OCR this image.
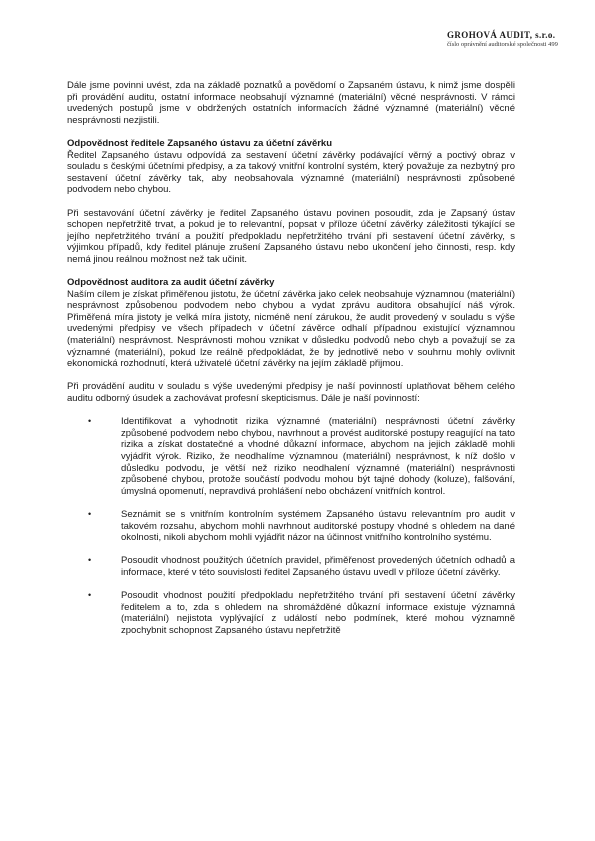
GROHOVÁ AUDIT, s.r.o.
číslo oprávnění auditorské společnosti 499

Dále jsme povinni uvést, zda na základě poznatků a povědomí o Zapsaném ústavu, k nimž jsme dospěli při provádění auditu, ostatní informace neobsahují významné (materiální) věcné nesprávnosti. V rámci uvedených postupů jsme v obdržených ostatních informacích žádné významné (materiální) věcné nesprávnosti nezjistili.

Odpovědnost ředitele Zapsaného ústavu za účetní závěrku

Ředitel Zapsaného ústavu odpovídá za sestavení účetní závěrky podávající věrný a poctivý obraz v souladu s českými účetními předpisy, a za takový vnitřní kontrolní systém, který považuje za nezbytný pro sestavení účetní závěrky tak, aby neobsahovala významné (materiální) nesprávnosti způsobené podvodem nebo chybou.

Při sestavování účetní závěrky je ředitel Zapsaného ústavu povinen posoudit, zda je Zapsaný ústav schopen nepřetržitě trvat, a pokud je to relevantní, popsat v příloze účetní závěrky záležitosti týkající se jejího nepřetržitého trvání a použití předpokladu nepřetržitého trvání při sestavení účetní závěrky, s výjimkou případů, kdy ředitel plánuje zrušení Zapsaného ústavu nebo ukončení jeho činnosti, resp. kdy nemá jinou reálnou možnost než tak učinit.

Odpovědnost auditora za audit účetní závěrky

Naším cílem je získat přiměřenou jistotu, že účetní závěrka jako celek neobsahuje významnou (materiální) nesprávnost způsobenou podvodem nebo chybou a vydat zprávu auditora obsahující náš výrok. Přiměřená míra jistoty je velká míra jistoty, nicméně není zárukou, že audit provedený v souladu s výše uvedenými předpisy ve všech případech v účetní závěrce odhalí případnou existující významnou (materiální) nesprávnost. Nesprávnosti mohou vznikat v důsledku podvodů nebo chyb a považují se za významné (materiální), pokud lze reálně předpokládat, že by jednotlivě nebo v souhrnu mohly ovlivnit ekonomická rozhodnutí, která uživatelé účetní závěrky na jejím základě přijmou.

Při provádění auditu v souladu s výše uvedenými předpisy je naší povinností uplatňovat během celého auditu odborný úsudek a zachovávat profesní skepticismus. Dále je naší povinností:

•	Identifikovat a vyhodnotit rizika významné (materiální) nesprávnosti účetní závěrky způsobené podvodem nebo chybou, navrhnout a provést auditorské postupy reagující na tato rizika a získat dostatečné a vhodné důkazní informace, abychom na jejich základě mohli vyjádřit výrok. Riziko, že neodhalíme významnou (materiální) nesprávnost, k níž došlo v důsledku podvodu, je větší než riziko neodhalení významné (materiální) nesprávnosti způsobené chybou, protože součástí podvodu mohou být tajné dohody (koluze), falšování, úmyslná opomenutí, nepravdivá prohlášení nebo obcházení vnitřních kontrol.
•	Seznámit se s vnitřním kontrolním systémem Zapsaného ústavu relevantním pro audit v takovém rozsahu, abychom mohli navrhnout auditorské postupy vhodné s ohledem na dané okolnosti, nikoli abychom mohli vyjádřit názor na účinnost vnitřního kontrolního systému.
•	Posoudit vhodnost použitých účetních pravidel, přiměřenost provedených účetních odhadů a informace, které v této souvislosti ředitel Zapsaného ústavu uvedl v příloze účetní závěrky.
•	Posoudit vhodnost použití předpokladu nepřetržitého trvání při sestavení účetní závěrky ředitelem a to, zda s ohledem na shromážděné důkazní informace existuje významná (materiální) nejistota vyplývající z událostí nebo podmínek, které mohou významně zpochybnit schopnost Zapsaného ústavu nepřetržitě
